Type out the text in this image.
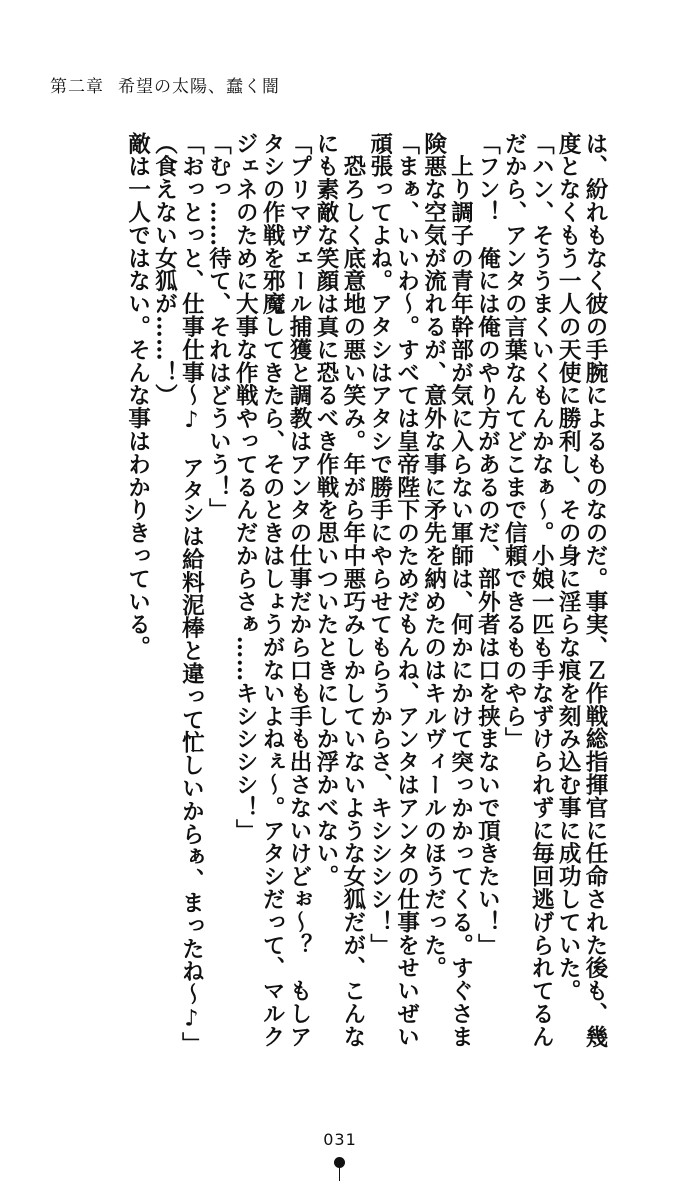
第二章 希望の太陽、蠢く闇
は、紛れもなく彼の手腕によるものなのだ。事実、Ｚ作戦総指揮官に任命された後も、幾
度となくもう一人の天使に勝利し、その身に淫らな痕を刻み込む事に成功していた。
「ハン、そううまくいくもんかなぁ〜。小娘一匹も手なずけられずに毎回逃げられてるん
だから、アンタの言葉なんてどこまで信頼できるものやら」
「フン！　俺には俺のやり方があるのだ、部外者は口を挟まないで頂きたい！」
　上り調子の青年幹部が気に入らない軍師は、何かにかけて突っかかってくる。すぐさま
険悪な空気が流れるが、意外な事に矛先を納めたのはキルヴィールのほうだった。
「まぁ、いいわ〜。すべては皇帝陛下のためだもんね、アンタはアンタの仕事をせいぜい
頑張ってよね。アタシはアタシで勝手にやらせてもらうからさ、キシシシシ！」
　恐ろしく底意地の悪い笑み。年がら年中悪巧みしかしていないような女狐だが、こんな
にも素敵な笑顔は真に恐るべき作戦を思いついたときにしか浮かべない。
「プリマヴェール捕獲と調教はアンタの仕事だから口も手も出さないけどぉ〜？　もしア
タシの作戦を邪魔してきたら、そのときはしょうがないよねぇ〜。アタシだって、マルク
ジェネのために大事な作戦やってるんだからさぁ……キシシシシ！」
「むっ……待て、それはどういう！」
「おっとっと、仕事仕事〜♪　アタシは給料泥棒と違って忙しいからぁ、まったね〜♪」
（食えない女狐が……！）
敵は一人ではない。そんな事はわかりきっている。
031
